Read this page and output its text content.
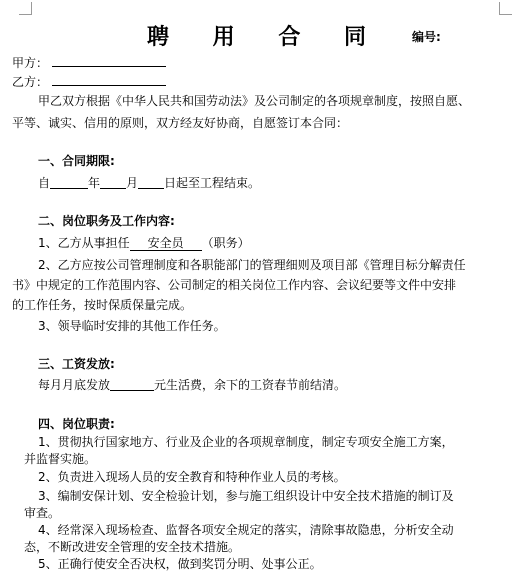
聘 用 合 同	编号:
甲方：
乙方：
甲乙双方根据《中华人民共和国劳动法》及公司制定的各项规章制度，按照自愿、
平等、诚实、信用的原则，双方经友好协商，自愿签订本合同：
一、合同期限:
自	年 月 日起至工程结束。
二、岗位职务及工作内容:
1、乙方从事担任 安全员 （职务）
2、乙方应按公司管理制度和各职能部门的管理细则及项目部《管理目标分解责任
书》中规定的工作范围内容、公司制定的相关岗位工作内容、会议纪要等文件中安排
的工作任务，按时保质保量完成。
3、领导临时安排的其他工作任务。
三、工资发放:
每月月底发放	元生活费，余下的工资春节前结清。
四、岗位职责:
1、贯彻执行国家地方、行业及企业的各项规章制度，制定专项安全施工方案，
并监督实施。
2、负责进入现场人员的安全教育和特种作业人员的考核。
3、编制安保计划、安全检验计划，参与施工组织设计中安全技术措施的制订及
审查。
4、经常深入现场检查、监督各项安全规定的落实，清除事故隐患，分析安全动
态，不断改进安全管理的安全技术措施。
5、正确行使安全否决权，做到奖罚分明、处事公正。
